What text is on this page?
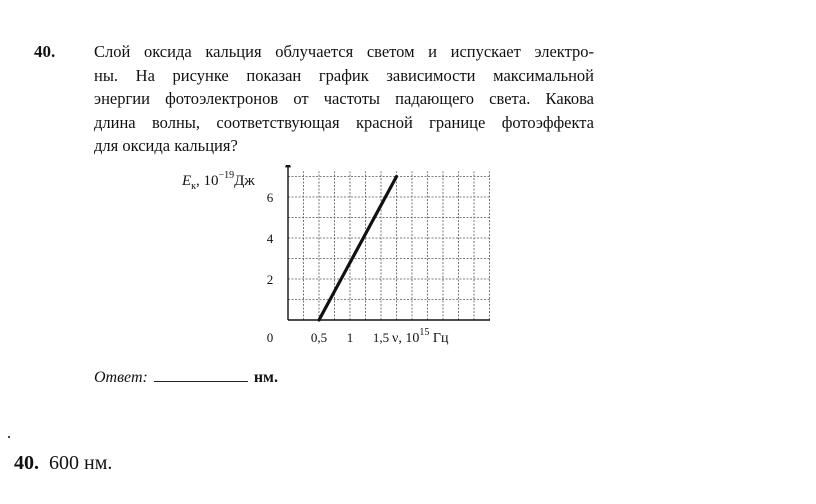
40. Слой оксида кальция облучается светом и испускает электро-
ны. На рисунке показан график зависимости максимальной
энергии фотоэлектронов от частоты падающего света. Какова
длина волны, соответствующая красной границе фотоэффекта
для оксида кальция?
0,5 1 1,5
2
4
6
0
$E_к$, $10^{-19}Дж$
ν, $10^{15}$ Гц
Ответ:	нм.
40. 600 нм.
